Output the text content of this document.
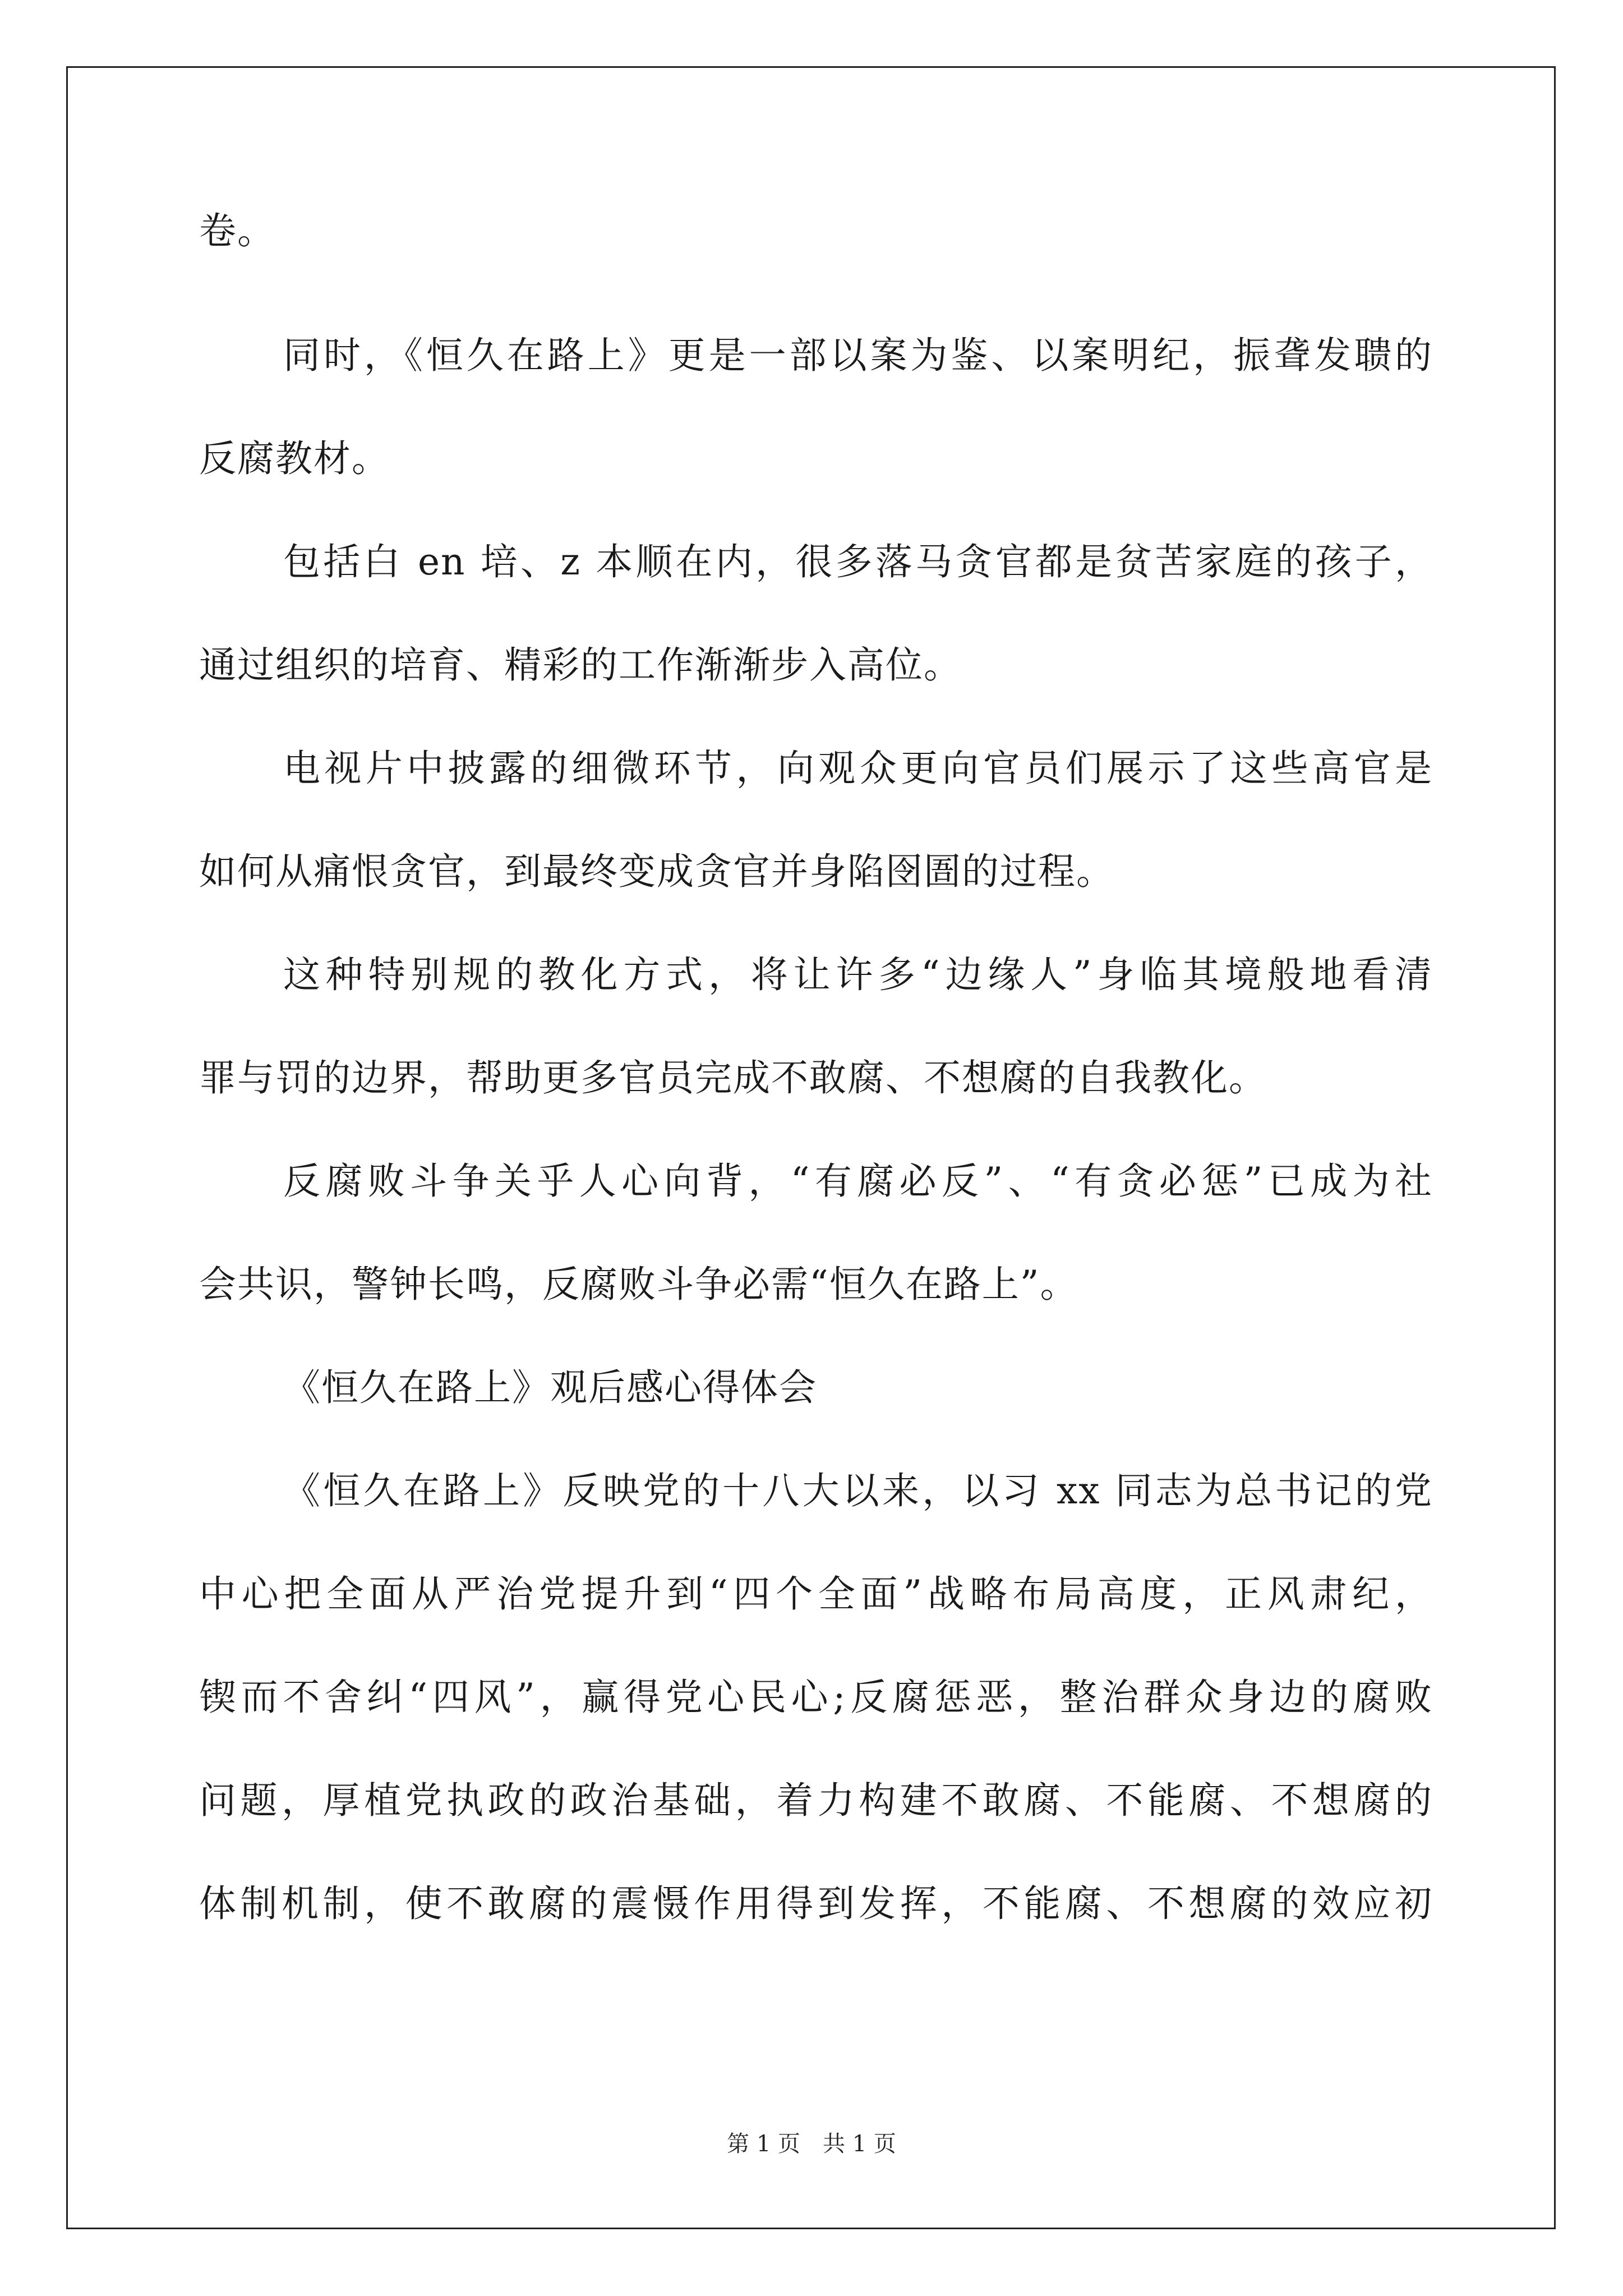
卷。
同时，《恒久在路上》更是一部以案为鉴、以案明纪，振聋发聩的
反腐教材。
包括白 en 培、z 本顺在内，很多落马贪官都是贫苦家庭的孩子，
通过组织的培育、精彩的工作渐渐步入高位。
电视片中披露的细微环节，向观众更向官员们展示了这些高官是
如何从痛恨贪官，到最终变成贪官并身陷囹圄的过程。
这种特别规的教化方式，将让许多“边缘人”身临其境般地看清
罪与罚的边界，帮助更多官员完成不敢腐、不想腐的自我教化。
反腐败斗争关乎人心向背，“有腐必反”、“有贪必惩”已成为社
会共识，警钟长鸣，反腐败斗争必需“恒久在路上”。
《恒久在路上》观后感心得体会
《恒久在路上》反映党的十八大以来，以习 xx 同志为总书记的党
中心把全面从严治党提升到“四个全面”战略布局高度，正风肃纪，
锲而不舍纠“四风”，赢得党心民心;反腐惩恶，整治群众身边的腐败
问题，厚植党执政的政治基础，着力构建不敢腐、不能腐、不想腐的
体制机制，使不敢腐的震慑作用得到发挥，不能腐、不想腐的效应初
第 1 页　共 1 页
